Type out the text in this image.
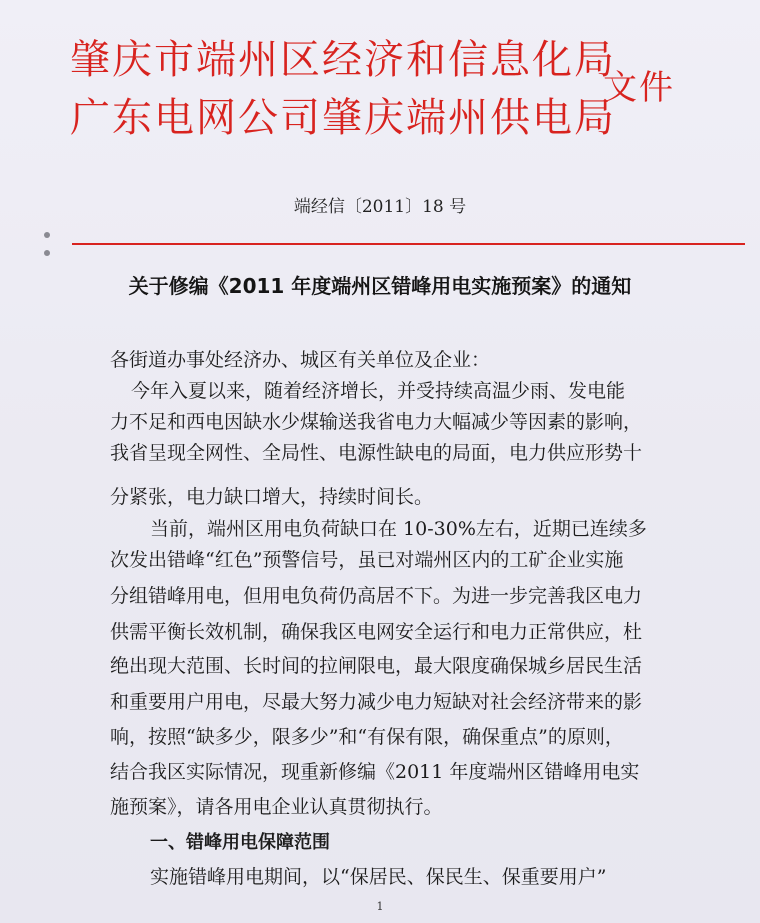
肇庆市端州区经济和信息化局
广东电网公司肇庆端州供电局
文件
端经信〔2011〕18 号
关于修编《2011 年度端州区错峰用电实施预案》的通知
各街道办事处经济办、城区有关单位及企业：
今年入夏以来，随着经济增长，并受持续高温少雨、发电能
力不足和西电因缺水少煤输送我省电力大幅减少等因素的影响，
我省呈现全网性、全局性、电源性缺电的局面，电力供应形势十
分紧张，电力缺口增大，持续时间长。
当前，端州区用电负荷缺口在 10-30%左右，近期已连续多
次发出错峰“红色”预警信号，虽已对端州区内的工矿企业实施
分组错峰用电，但用电负荷仍高居不下。为进一步完善我区电力
供需平衡长效机制，确保我区电网安全运行和电力正常供应，杜
绝出现大范围、长时间的拉闸限电，最大限度确保城乡居民生活
和重要用户用电，尽最大努力减少电力短缺对社会经济带来的影
响，按照“缺多少，限多少”和“有保有限，确保重点”的原则，
结合我区实际情况，现重新修编《2011 年度端州区错峰用电实
施预案》，请各用电企业认真贯彻执行。
一、错峰用电保障范围
实施错峰用电期间，以“保居民、保民生、保重要用户”
1
